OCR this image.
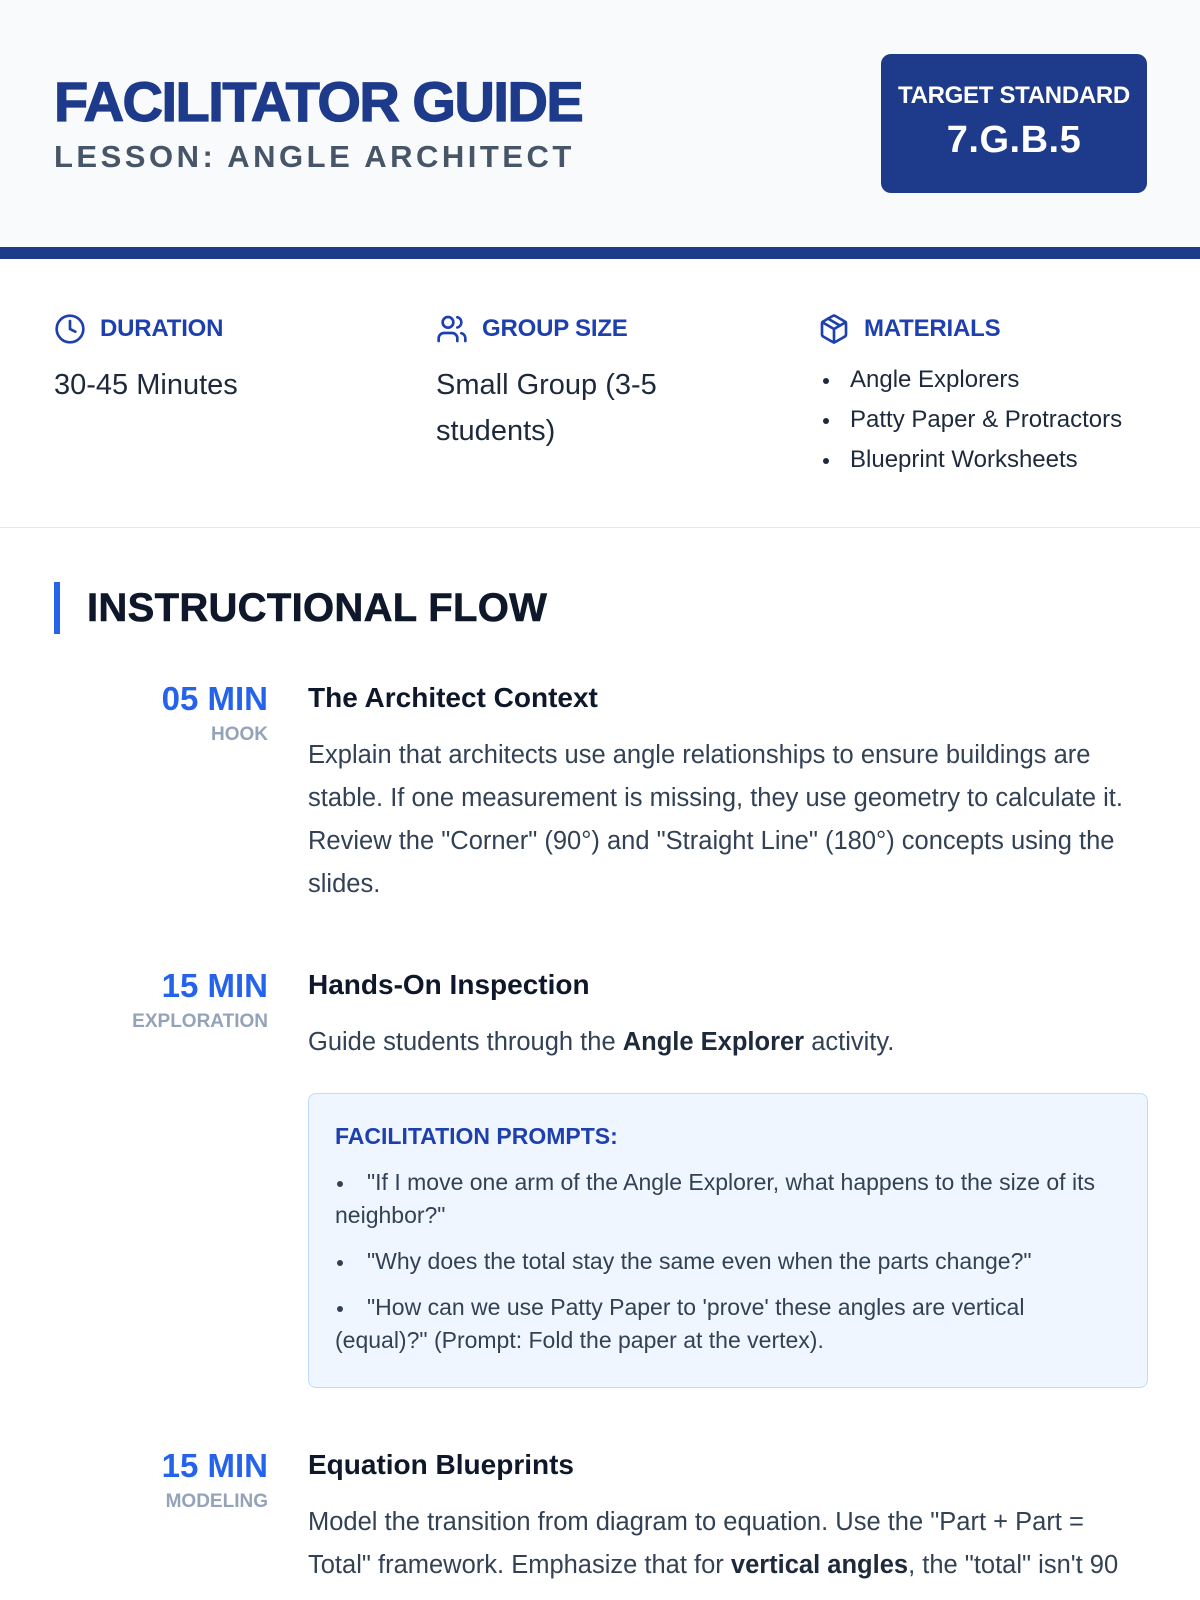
FACILITATOR GUIDE
LESSON: ANGLE ARCHITECT
TARGET STANDARD
7.G.B.5
DURATION
30-45 Minutes
GROUP SIZE
Small Group (3-5 students)
MATERIALS
Angle Explorers
Patty Paper & Protractors
Blueprint Worksheets
INSTRUCTIONAL FLOW
05 MIN
HOOK
The Architect Context

Explain that architects use angle relationships to ensure buildings are stable. If one measurement is missing, they use geometry to calculate it. Review the "Corner" (90°) and "Straight Line" (180°) concepts using the slides.

15 MIN
EXPLORATION
Hands-On Inspection

Guide students through the Angle Explorer activity.

FACILITATION PROMPTS:
"If I move one arm of the Angle Explorer, what happens to the size of its neighbor?"
"Why does the total stay the same even when the parts change?"
"How can we use Patty Paper to 'prove' these angles are vertical (equal)?" (Prompt: Fold the paper at the vertex).
15 MIN
MODELING
Equation Blueprints

Model the transition from diagram to equation. Use the "Part + Part = Total" framework. Emphasize that for vertical angles, the "total" isn't 90
